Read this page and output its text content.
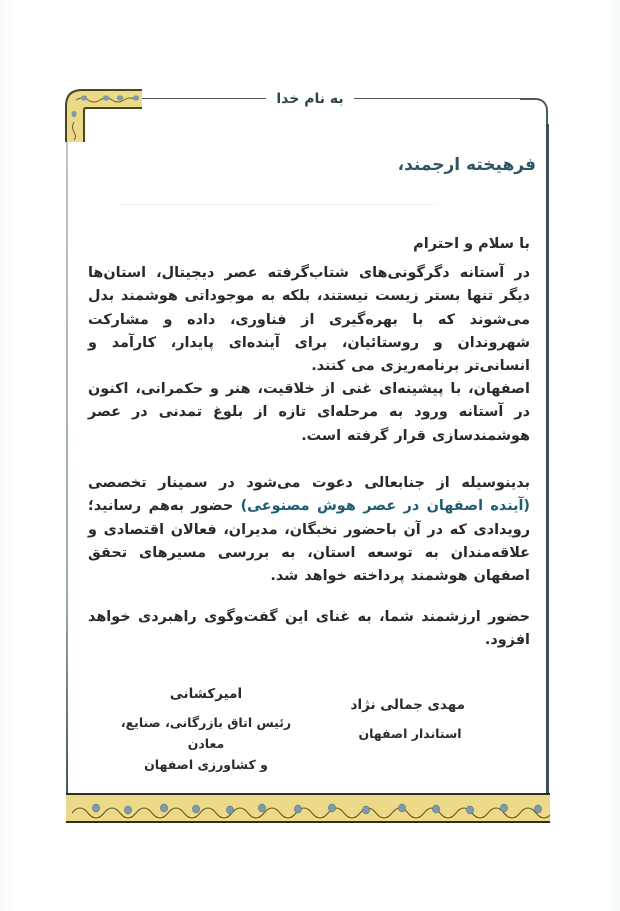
به نام خدا
فرهیخته ارجمند،
با سلام و احترام

در آستانه دگرگونی‌های شتاب‌گرفته عصر دیجیتال، استان‌ها دیگر تنها بستر زیست نیستند، بلکه به موجوداتی هوشمند بدل می‌شوند که با بهره‌گیری از فناوری، داده و مشارکت شهروندان و روستائیان، برای آینده‌ای پایدار، کارآمد و انسانی‌تر برنامه‌ریزی می کنند.

اصفهان، با پیشینه‌ای غنی از خلاقیت، هنر و حکمرانی، اکنون در آستانه ورود به مرحله‌ای تازه از بلوغ تمدنی در عصر هوشمندسازی قرار گرفته است.

بدینوسیله از جنابعالی دعوت می‌شود در سمینار تخصصی (آینده اصفهان در عصر هوش مصنوعی) حضور به‌هم رسانید؛ رویدادی که در آن باحضور نخبگان، مدیران، فعالان اقتصادی و علاقه‌مندان به توسعه استان، به بررسی مسیرهای تحقق اصفهان هوشمند پرداخته خواهد شد.

حضور ارزشمند شما، به غنای این گفت‌وگوی راهبردی خواهد افزود.

مهدی جمالی نژاد
استاندار اصفهان
امیرکشانی
رئیس اتاق بازرگانی، صنایع، معادن
و کشاورزی اصفهان
